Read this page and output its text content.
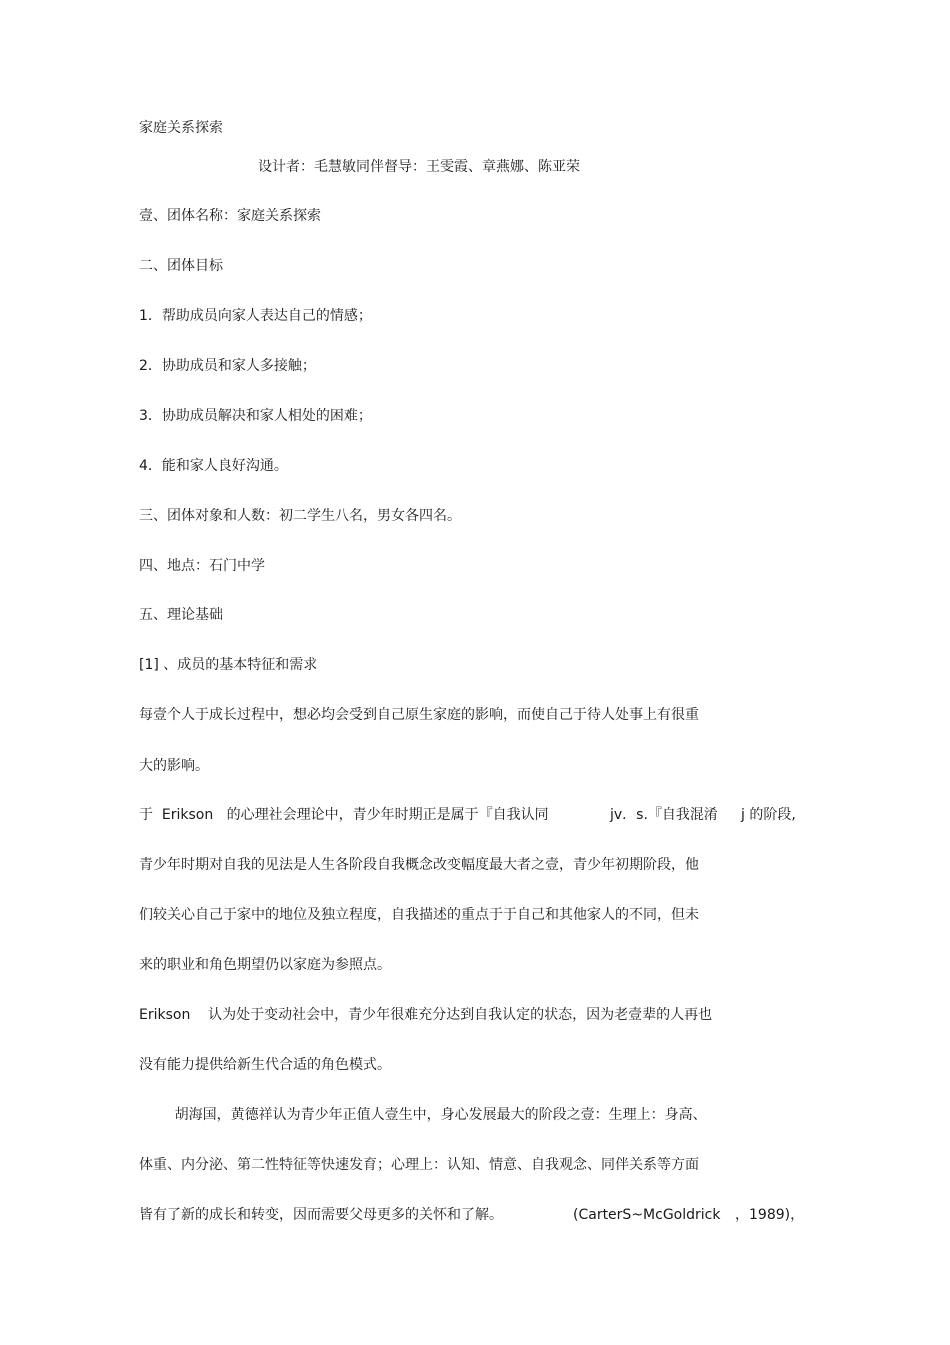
家庭关系探索

设计者：毛慧敏同伴督导：王雯霞、章燕娜、陈亚荣

壹、团体名称：家庭关系探索

二、团体目标

1．帮助成员向家人表达自己的情感；

2．协助成员和家人多接触；

3．协助成员解决和家人相处的困难；

4．能和家人良好沟通。

三、团体对象和人数：初二学生八名，男女各四名。

四、地点：石门中学

五、理论基础

[1] 、成员的基本特征和需求

每壹个人于成长过程中，想必均会受到自己原生家庭的影响，而使自己于待人处事上有很重

大的影响。

于  Erikson   的心理社会理论中，青少年时期正是属于『自我认同	jv．s.『自我混淆 j 的阶段,

青少年时期对自我的见法是人生各阶段自我概念改变幅度最大者之壹，青少年初期阶段，他

们较关心自己于家中的地位及独立程度，自我描述的重点于于自己和其他家人的不同，但未

来的职业和角色期望仍以家庭为参照点。

Erikson    认为处于变动社会中，青少年很难充分达到自我认定的状态，因为老壹辈的人再也

没有能力提供给新生代合适的角色模式。

胡海国，黄德祥认为青少年正值人壹生中，身心发展最大的阶段之壹：生理上：身高、

体重、内分泌、第二性特征等快速发育；心理上：认知、情意、自我观念、同伴关系等方面

皆有了新的成长和转变，因而需要父母更多的关怀和了解。	(CarterS~McGoldrick ，1989)，
